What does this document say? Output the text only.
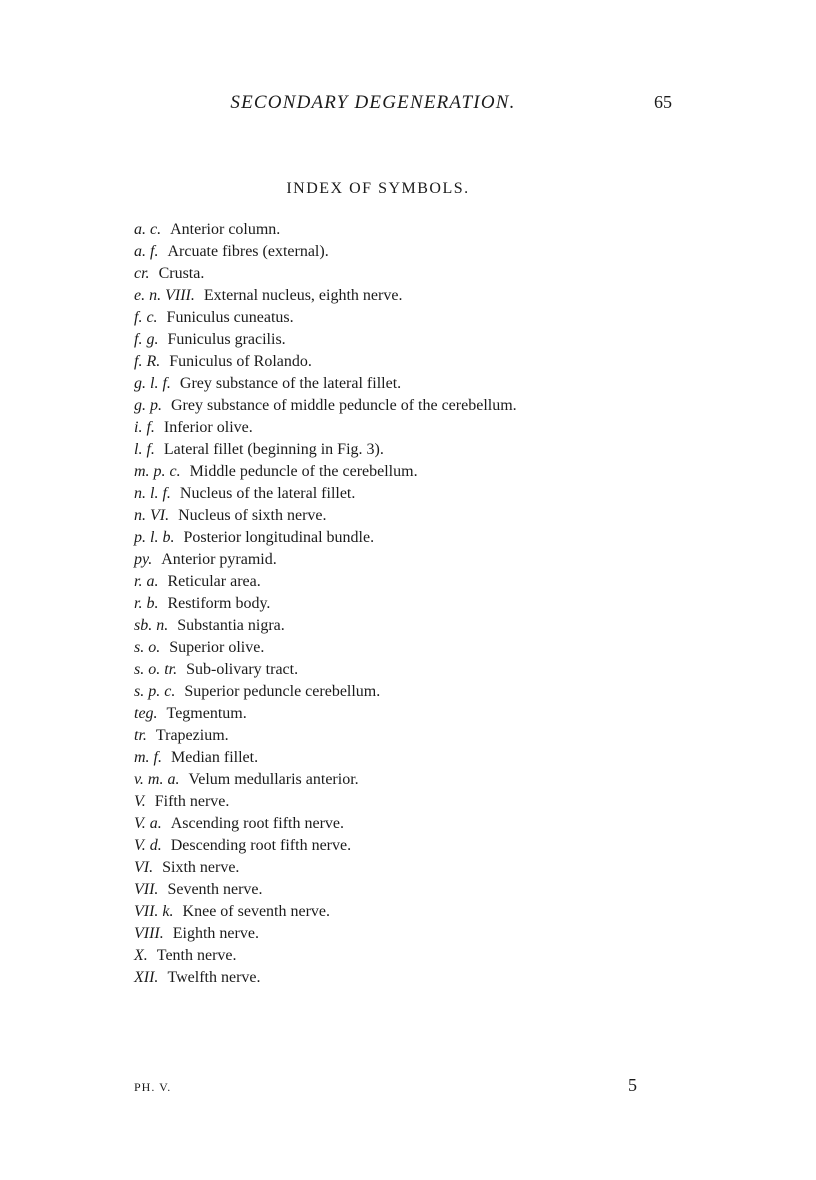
SECONDARY DEGENERATION.	65
INDEX OF SYMBOLS.
a. c. Anterior column.
a. f. Arcuate fibres (external).
cr. Crusta.
e. n. VIII. External nucleus, eighth nerve.
f. c. Funiculus cuneatus.
f. g. Funiculus gracilis.
f. R. Funiculus of Rolando.
g. l. f. Grey substance of the lateral fillet.
g. p. Grey substance of middle peduncle of the cerebellum.
i. f. Inferior olive.
l. f. Lateral fillet (beginning in Fig. 3).
m. p. c. Middle peduncle of the cerebellum.
n. l. f. Nucleus of the lateral fillet.
n. VI. Nucleus of sixth nerve.
p. l. b. Posterior longitudinal bundle.
py. Anterior pyramid.
r. a. Reticular area.
r. b. Restiform body.
sb. n. Substantia nigra.
s. o. Superior olive.
s. o. tr. Sub-olivary tract.
s. p. c. Superior peduncle cerebellum.
teg. Tegmentum.
tr. Trapezium.
m. f. Median fillet.
v. m. a. Velum medullaris anterior.
V. Fifth nerve.
V. a. Ascending root fifth nerve.
V. d. Descending root fifth nerve.
VI. Sixth nerve.
VII. Seventh nerve.
VII. k. Knee of seventh nerve.
VIII. Eighth nerve.
X. Tenth nerve.
XII. Twelfth nerve.
PH. V.	5
